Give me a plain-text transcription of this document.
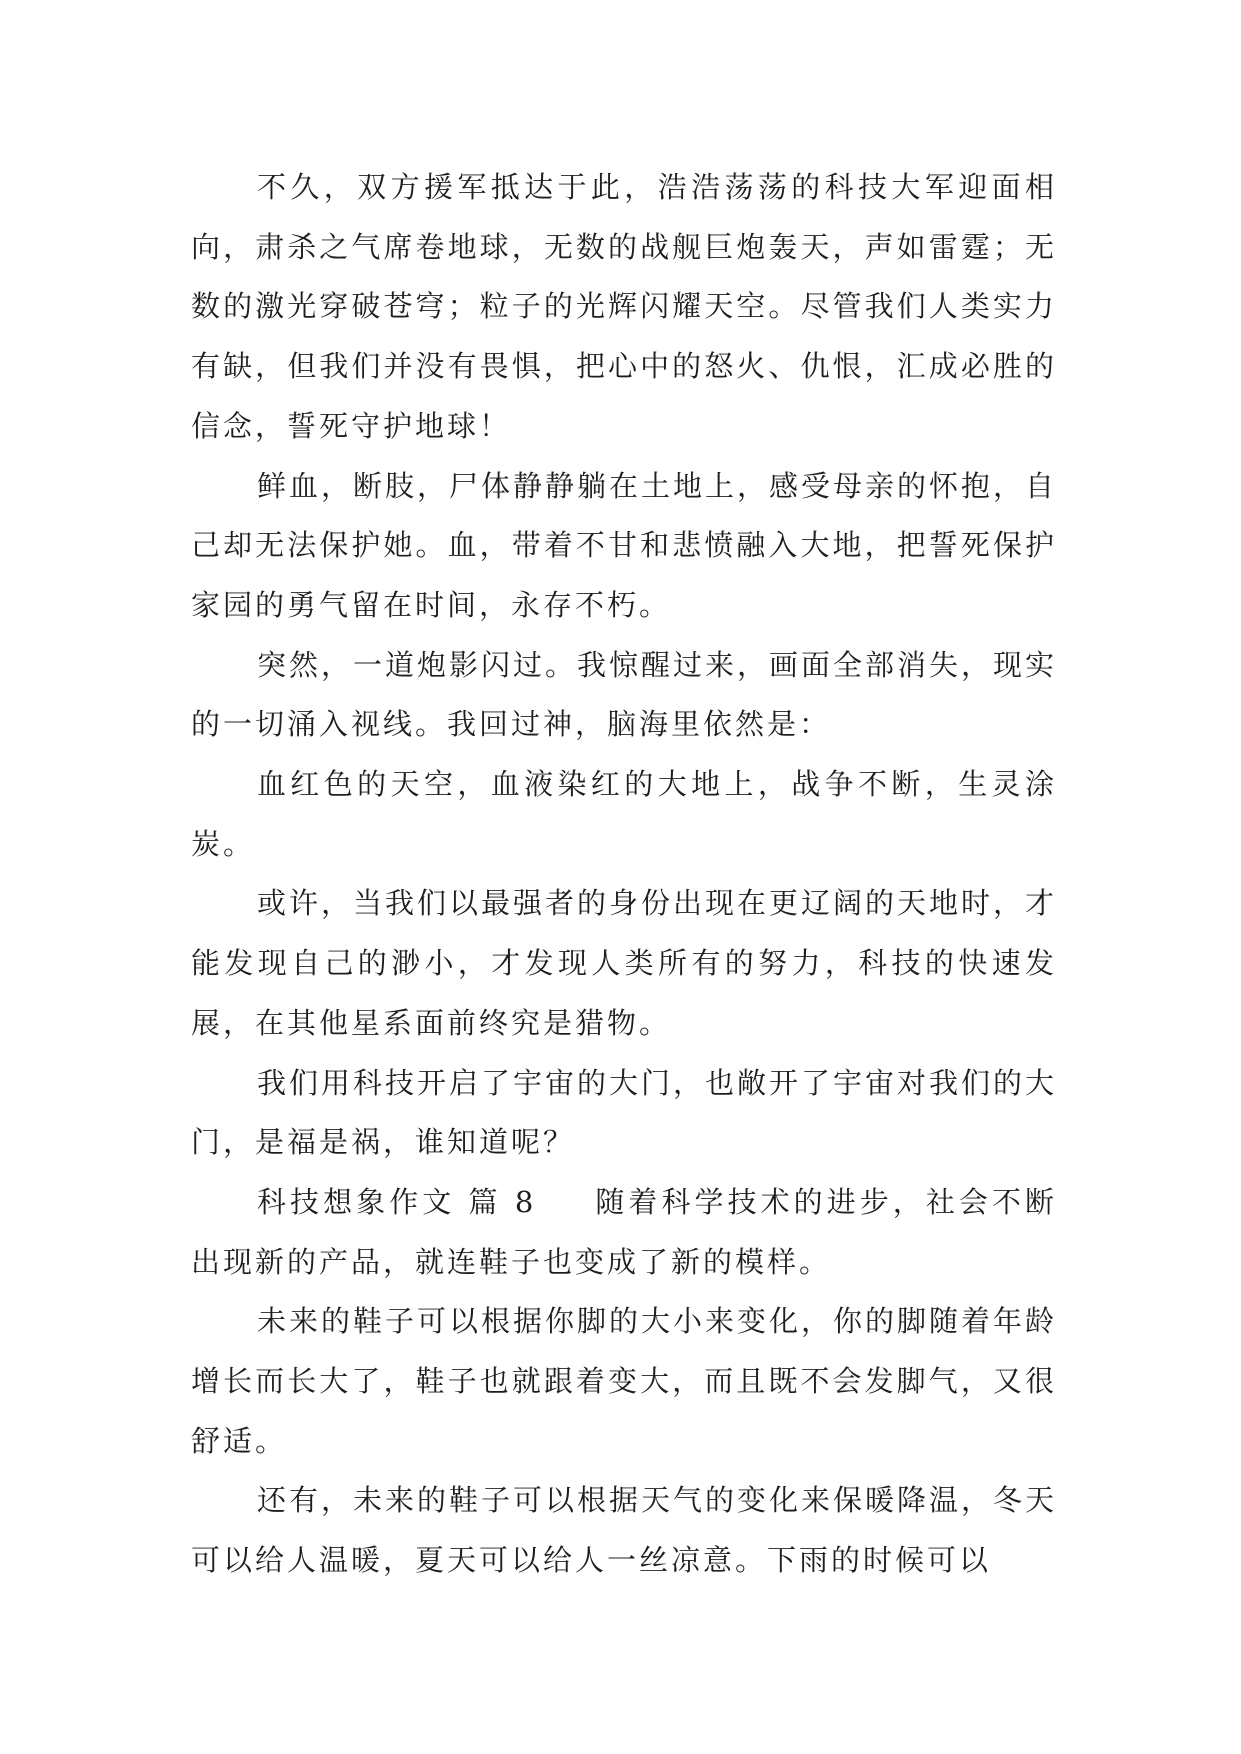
不久，双方援军抵达于此，浩浩荡荡的科技大军迎面相向，肃杀之气席卷地球，无数的战舰巨炮轰天，声如雷霆；无数的激光穿破苍穹；粒子的光辉闪耀天空。尽管我们人类实力有缺，但我们并没有畏惧，把心中的怒火、仇恨，汇成必胜的信念，誓死守护地球！

鲜血，断肢，尸体静静躺在土地上，感受母亲的怀抱，自己却无法保护她。血，带着不甘和悲愤融入大地，把誓死保护家园的勇气留在时间，永存不朽。

突然，一道炮影闪过。我惊醒过来，画面全部消失，现实的一切涌入视线。我回过神，脑海里依然是：

血红色的天空，血液染红的大地上，战争不断，生灵涂炭。

或许，当我们以最强者的身份出现在更辽阔的天地时，才能发现自己的渺小，才发现人类所有的努力，科技的快速发展，在其他星系面前终究是猎物。

我们用科技开启了宇宙的大门，也敞开了宇宙对我们的大门，是福是祸，谁知道呢？

科技想象作文 篇 8 随着科学技术的进步，社会不断出现新的产品，就连鞋子也变成了新的模样。

未来的鞋子可以根据你脚的大小来变化，你的脚随着年龄增长而长大了，鞋子也就跟着变大，而且既不会发脚气，又很舒适。

还有，未来的鞋子可以根据天气的变化来保暖降温，冬天可以给人温暖，夏天可以给人一丝凉意。下雨的时候可以
